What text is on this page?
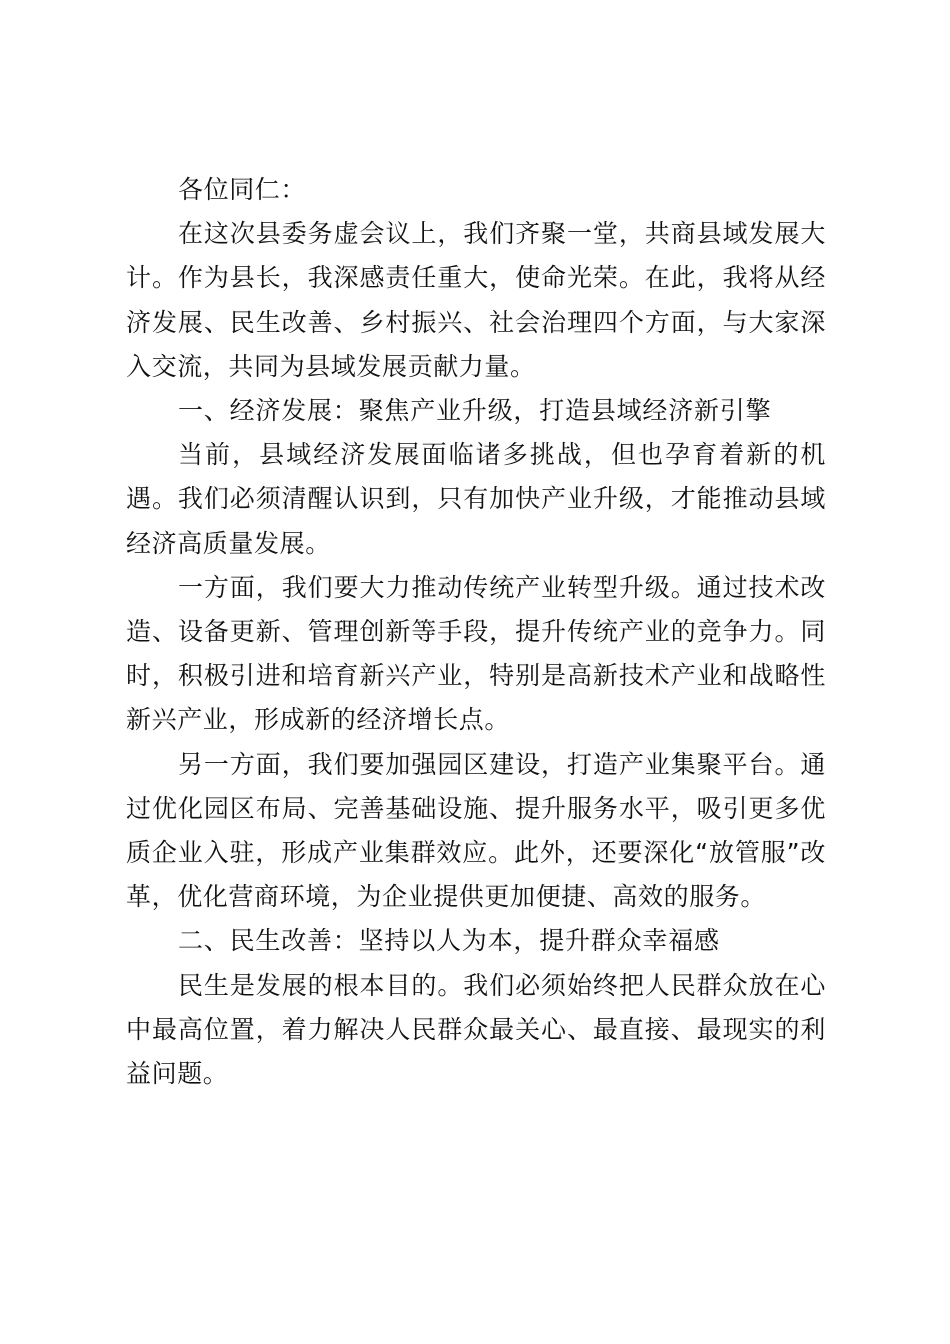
各位同仁：

在这次县委务虚会议上，我们齐聚一堂，共商县域发展大计。作为县长，我深感责任重大，使命光荣。在此，我将从经济发展、民生改善、乡村振兴、社会治理四个方面，与大家深入交流，共同为县域发展贡献力量。

一、经济发展：聚焦产业升级，打造县域经济新引擎

当前，县域经济发展面临诸多挑战，但也孕育着新的机遇。我们必须清醒认识到，只有加快产业升级，才能推动县域经济高质量发展。

一方面，我们要大力推动传统产业转型升级。通过技术改造、设备更新、管理创新等手段，提升传统产业的竞争力。同时，积极引进和培育新兴产业，特别是高新技术产业和战略性新兴产业，形成新的经济增长点。

另一方面，我们要加强园区建设，打造产业集聚平台。通过优化园区布局、完善基础设施、提升服务水平，吸引更多优质企业入驻，形成产业集群效应。此外，还要深化“放管服”改革，优化营商环境，为企业提供更加便捷、高效的服务。

二、民生改善：坚持以人为本，提升群众幸福感

民生是发展的根本目的。我们必须始终把人民群众放在心中最高位置，着力解决人民群众最关心、最直接、最现实的利益问题。
